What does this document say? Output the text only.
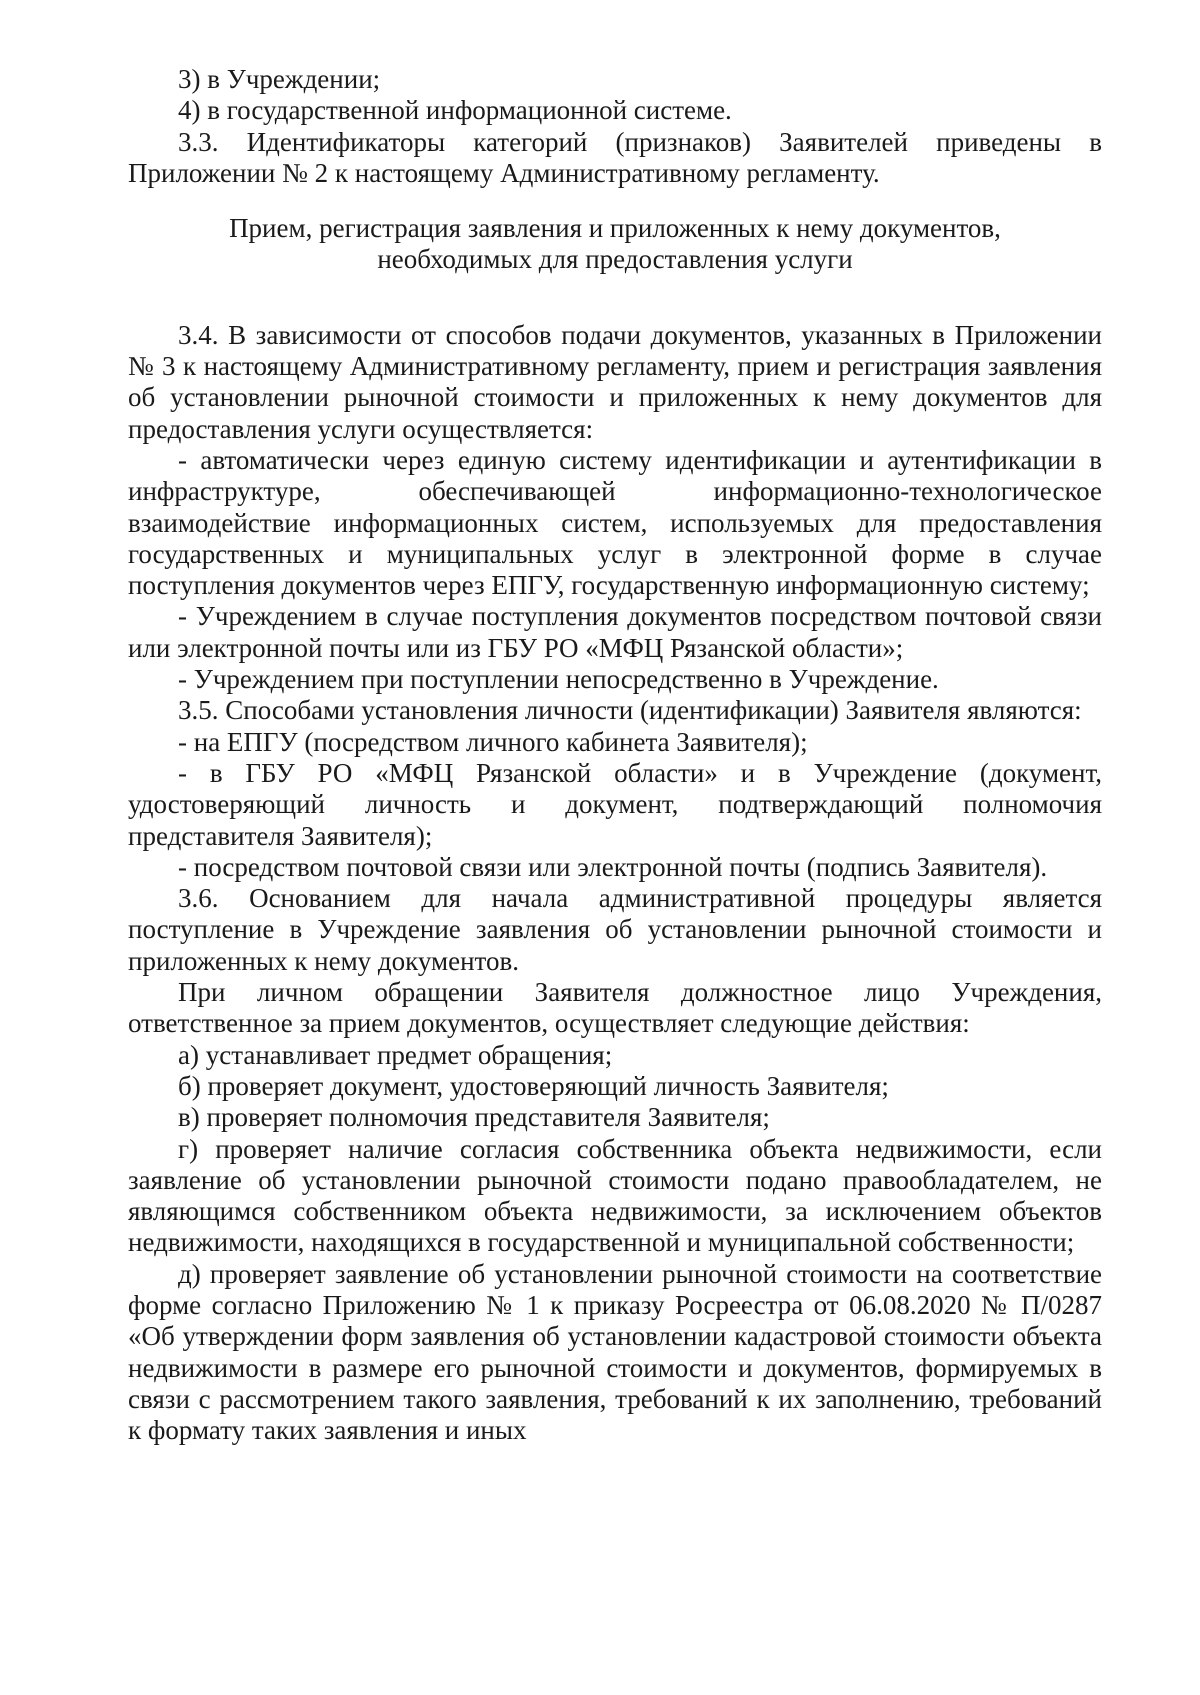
3) в Учреждении;

4) в государственной информационной системе.

3.3. Идентификаторы категорий (признаков) Заявителей приведены в Приложении № 2 к настоящему Административному регламенту.

Прием, регистрация заявления и приложенных к нему документов,
необходимых для предоставления услуги

3.4. В зависимости от способов подачи документов, указанных в Приложении № 3 к настоящему Административному регламенту, прием и регистрация заявления об установлении рыночной стоимости и приложенных к нему документов для предоставления услуги осуществляется:

- автоматически через единую систему идентификации и аутентификации в инфраструктуре, обеспечивающей информационно-технологическое взаимодействие информационных систем, используемых для предоставления государственных и муниципальных услуг в электронной форме в случае поступления документов через ЕПГУ, государственную информационную систему;

- Учреждением в случае поступления документов посредством почтовой связи или электронной почты или из ГБУ РО «МФЦ Рязанской области»;

- Учреждением при поступлении непосредственно в Учреждение.

3.5. Способами установления личности (идентификации) Заявителя являются:

- на ЕПГУ (посредством личного кабинета Заявителя);

- в ГБУ РО «МФЦ Рязанской области» и в Учреждение (документ, удостоверяющий личность и документ, подтверждающий полномочия представителя Заявителя);

- посредством почтовой связи или электронной почты (подпись Заявителя).

3.6. Основанием для начала административной процедуры является поступление в Учреждение заявления об установлении рыночной стоимости и приложенных к нему документов.

При личном обращении Заявителя должностное лицо Учреждения, ответственное за прием документов, осуществляет следующие действия:

а) устанавливает предмет обращения;

б) проверяет документ, удостоверяющий личность Заявителя;

в) проверяет полномочия представителя Заявителя;

г) проверяет наличие согласия собственника объекта недвижимости, если заявление об установлении рыночной стоимости подано правообладателем, не являющимся собственником объекта недвижимости, за исключением объектов недвижимости, находящихся в государственной и муниципальной собственности;

д) проверяет заявление об установлении рыночной стоимости на соответствие форме согласно Приложению № 1 к приказу Росреестра от 06.08.2020 № П/0287 «Об утверждении форм заявления об установлении кадастровой стоимости объекта недвижимости в размере его рыночной стоимости и документов, формируемых в связи с рассмотрением такого заявления, требований к их заполнению, требований к формату таких заявления и иных
